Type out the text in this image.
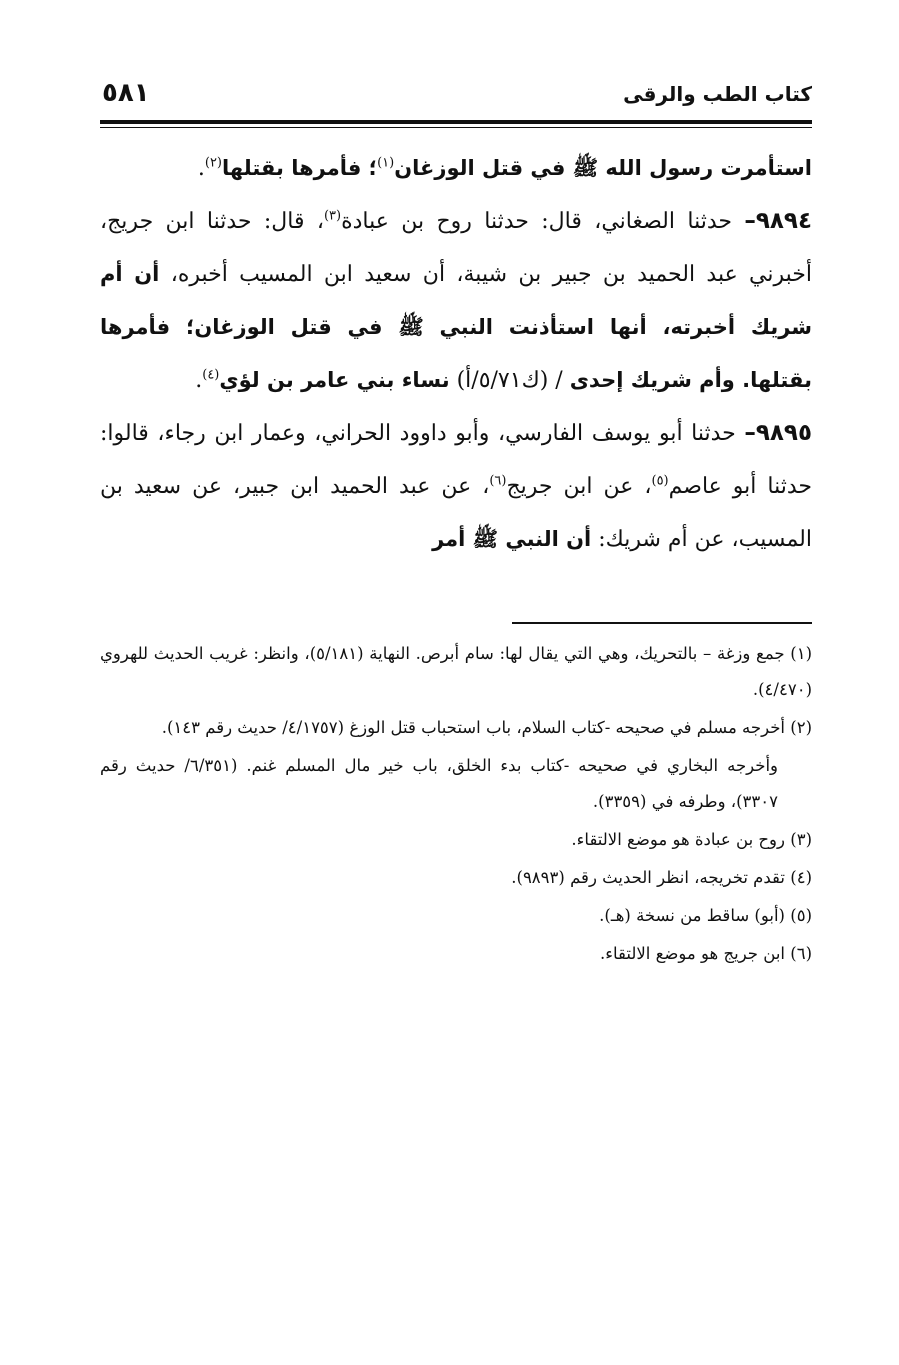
كتاب الطب والرقى
٥٨١

استأمرت رسول الله ﷺ في قتل الوزغان$^{(١)}$؛ فأمرها بقتلها$^{(٢)}$.

٩٨٩٤– حدثنا الصغاني، قال: حدثنا روح بن عبادة$^{(٣)}$، قال: حدثنا ابن جريج، أخبرني عبد الحميد بن جبير بن شيبة، أن سعيد ابن المسيب أخبره، أن أم شريك أخبرته، أنها استأذنت النبي ﷺ في قتل الوزغان؛ فأمرها بقتلها. وأم شريك إحدى / (ك٥/٧١/أ) نساء بني عامر بن لؤي$^{(٤)}$.

٩٨٩٥– حدثنا أبو يوسف الفارسي، وأبو داوود الحراني، وعمار ابن رجاء، قالوا: حدثنا أبو عاصم$^{(٥)}$، عن ابن جريج$^{(٦)}$، عن عبد الحميد ابن جبير، عن سعيد بن المسيب، عن أم شريك: أن النبي ﷺ أمر

(١) جمع وزغة – بالتحريك، وهي التي يقال لها: سام أبرص. النهاية (٥/١٨١)، وانظر: غريب الحديث للهروي (٤/٤٧٠).

(٢) أخرجه مسلم في صحيحه -كتاب السلام، باب استحباب قتل الوزغ (٤/١٧٥٧/ حديث رقم ١٤٣).

وأخرجه البخاري في صحيحه -كتاب بدء الخلق، باب خير مال المسلم غنم. (٦/٣٥١/ حديث رقم ٣٣٠٧)، وطرفه في (٣٣٥٩).

(٣) روح بن عبادة هو موضع الالتقاء.

(٤) تقدم تخريجه، انظر الحديث رقم (٩٨٩٣).

(٥) (أبو) ساقط من نسخة (هـ).

(٦) ابن جريج هو موضع الالتقاء.
